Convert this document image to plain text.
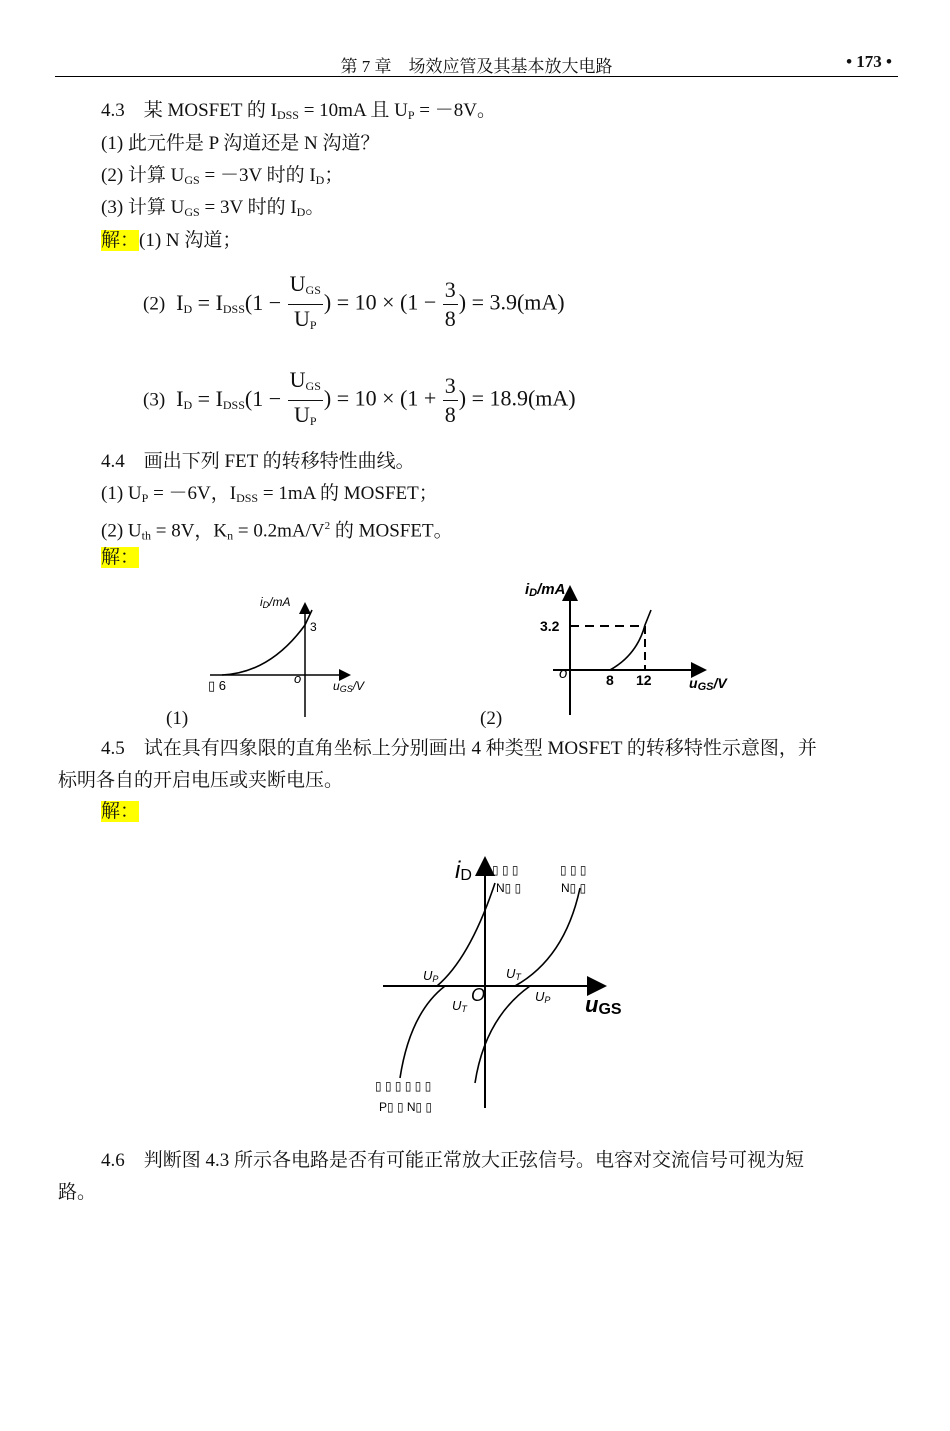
第 7 章　场效应管及其基本放大电路	• 173 •
4.3　某 MOSFET 的 $I_{DSS} = 10mA$ 且 $U_P = -8V$。
(1) 此元件是 P 沟道还是 N 沟道？
(2) 计算 $U_{GS} = -3V$ 时的 $I_D$；
(3) 计算 $U_{GS} = 3V$ 时的 $I_D$。
解：(1) N 沟道；
(2) $I_D = I_{DSS}(1 - \frac{U_{GS}}{U_P}$ ) = $10 \times (1 - \frac{3}{8}$ ) = 3.9(mA)
(3) $I_D = I_{DSS}(1 - \frac{U_{GS}}{U_P}$ ) = $10 \times (1 + \frac{3}{8}$ ) = 18.9(mA)
4.4　画出下列 FET 的转移特性曲线。
(1) $U_P = -6V$，$I_{DSS} = 1mA$ 的 MOSFET；
(2) $U_{th} = 8V$，$K_n = 0.2mA/V^2$ 的 MOSFET。
解：
iD/mA
3
▯ 6	o	uGS/V
(1)
iD/mA
3.2
o	8 12	uGS/V
(2)
4.5　试在具有四象限的直角坐标上分别画出 4 种类型 MOSFET 的转移特性示意图，并
标明各自的开启电压或夹断电压。
解：
iD
uGS
O
▯ ▯ ▯
N▯ ▯
▯ ▯ ▯
N▯ ▯
▯ ▯ ▯ ▯ ▯ ▯
P▯ ▯ N▯ ▯
UP	UT
UT
UP
4.6　判断图 4.3 所示各电路是否有可能正常放大正弦信号。电容对交流信号可视为短
路。
